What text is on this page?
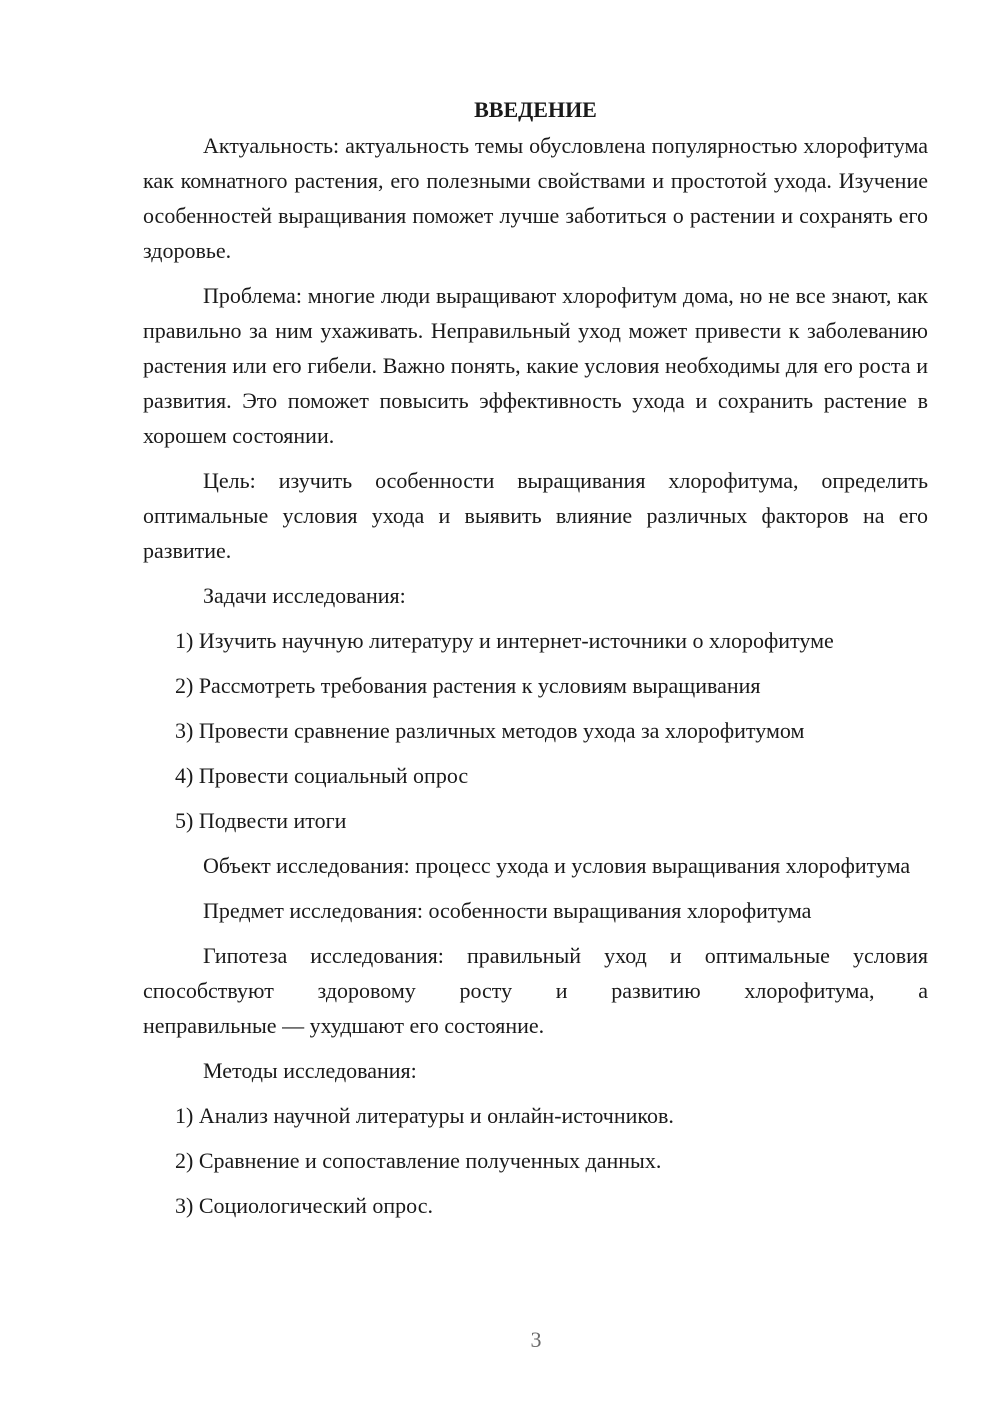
ВВЕДЕНИЕ

Актуальность: актуальность темы обусловлена популярностью хлорофитума как комнатного растения, его полезными свойствами и простотой ухода. Изучение особенностей выращивания поможет лучше заботиться о растении и сохранять его здоровье.

Проблема: многие люди выращивают хлорофитум дома, но не все знают, как правильно за ним ухаживать. Неправильный уход может привести к заболеванию растения или его гибели. Важно понять, какие условия необходимы для его роста и развития. Это поможет повысить эффективность ухода и сохранить растение в хорошем состоянии.

Цель: изучить особенности выращивания хлорофитума, определить оптимальные условия ухода и выявить влияние различных факторов на его развитие.

Задачи исследования:
1) Изучить научную литературу и интернет-источники о хлорофитуме
2) Рассмотреть требования растения к условиям выращивания
3) Провести сравнение различных методов ухода за хлорофитумом
4) Провести социальный опрос
5) Подвести итоги

Объект исследования: процесс ухода и условия выращивания хлорофитума

Предмет исследования: особенности выращивания хлорофитума

Гипотеза исследования: правильный уход и оптимальные условия способствуют здоровому росту и развитию хлорофитума, а

неправильные — ухудшают его состояние.

Методы исследования:
1) Анализ научной литературы и онлайн-источников.
2) Сравнение и сопоставление полученных данных.
3) Социологический опрос.
3
